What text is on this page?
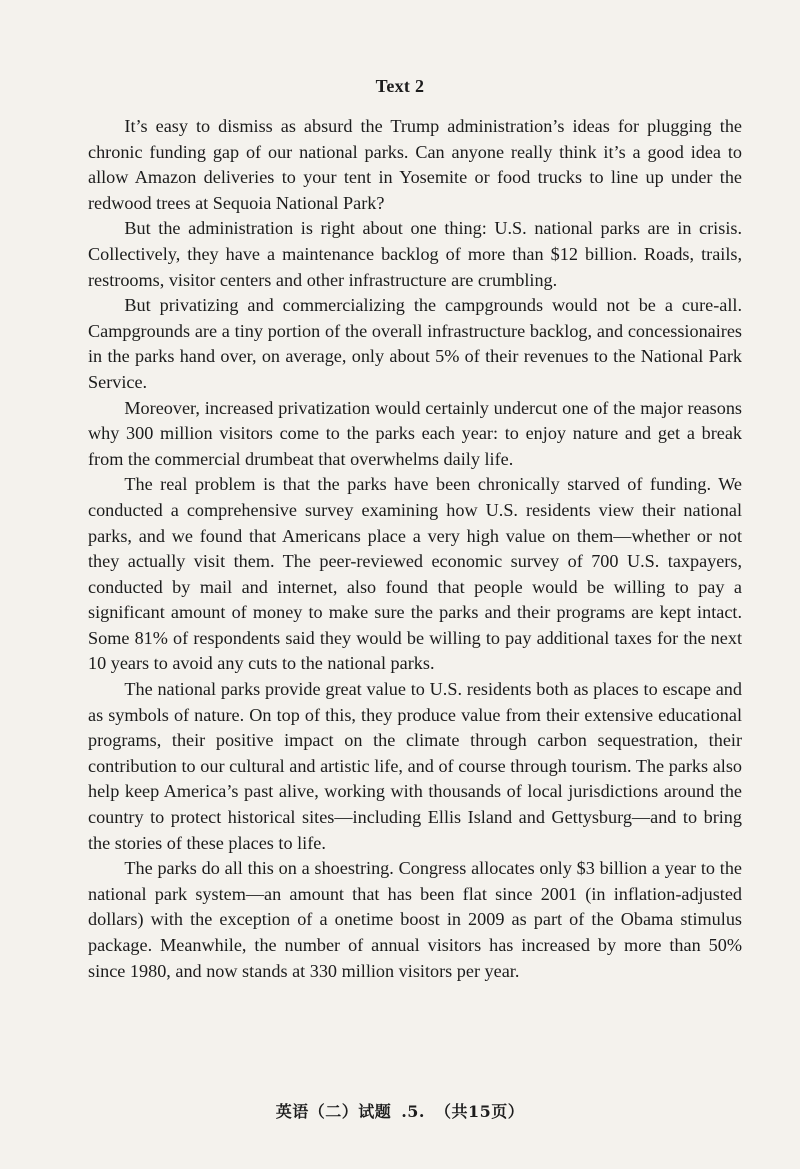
Text 2

It’s easy to dismiss as absurd the Trump administration’s ideas for plugging the chronic funding gap of our national parks. Can anyone really think it’s a good idea to allow Amazon deliveries to your tent in Yosemite or food trucks to line up under the redwood trees at Sequoia National Park?

But the administration is right about one thing: U.S. national parks are in crisis. Collectively, they have a maintenance backlog of more than $12 billion. Roads, trails, restrooms, visitor centers and other infrastructure are crumbling.

But privatizing and commercializing the campgrounds would not be a cure-all. Campgrounds are a tiny portion of the overall infrastructure backlog, and concessionaires in the parks hand over, on average, only about 5% of their revenues to the National Park Service.

Moreover, increased privatization would certainly undercut one of the major reasons why 300 million visitors come to the parks each year: to enjoy nature and get a break from the commercial drumbeat that overwhelms daily life.

The real problem is that the parks have been chronically starved of funding. We conducted a comprehensive survey examining how U.S. residents view their national parks, and we found that Americans place a very high value on them—whether or not they actually visit them. The peer-reviewed economic survey of 700 U.S. taxpayers, conducted by mail and internet, also found that people would be willing to pay a significant amount of money to make sure the parks and their programs are kept intact. Some 81% of respondents said they would be willing to pay additional taxes for the next 10 years to avoid any cuts to the national parks.

The national parks provide great value to U.S. residents both as places to escape and as symbols of nature. On top of this, they produce value from their extensive educational programs, their positive impact on the climate through carbon sequestration, their contribution to our cultural and artistic life, and of course through tourism. The parks also help keep America’s past alive, working with thousands of local jurisdictions around the country to protect historical sites—including Ellis Island and Gettysburg—and to bring the stories of these places to life.

The parks do all this on a shoestring. Congress allocates only $3 billion a year to the national park system—an amount that has been flat since 2001 (in inflation-adjusted dollars) with the exception of a onetime boost in 2009 as part of the Obama stimulus package. Meanwhile, the number of annual visitors has increased by more than 50% since 1980, and now stands at 330 million visitors per year.

英语（二）试题 .5. （共15页）
